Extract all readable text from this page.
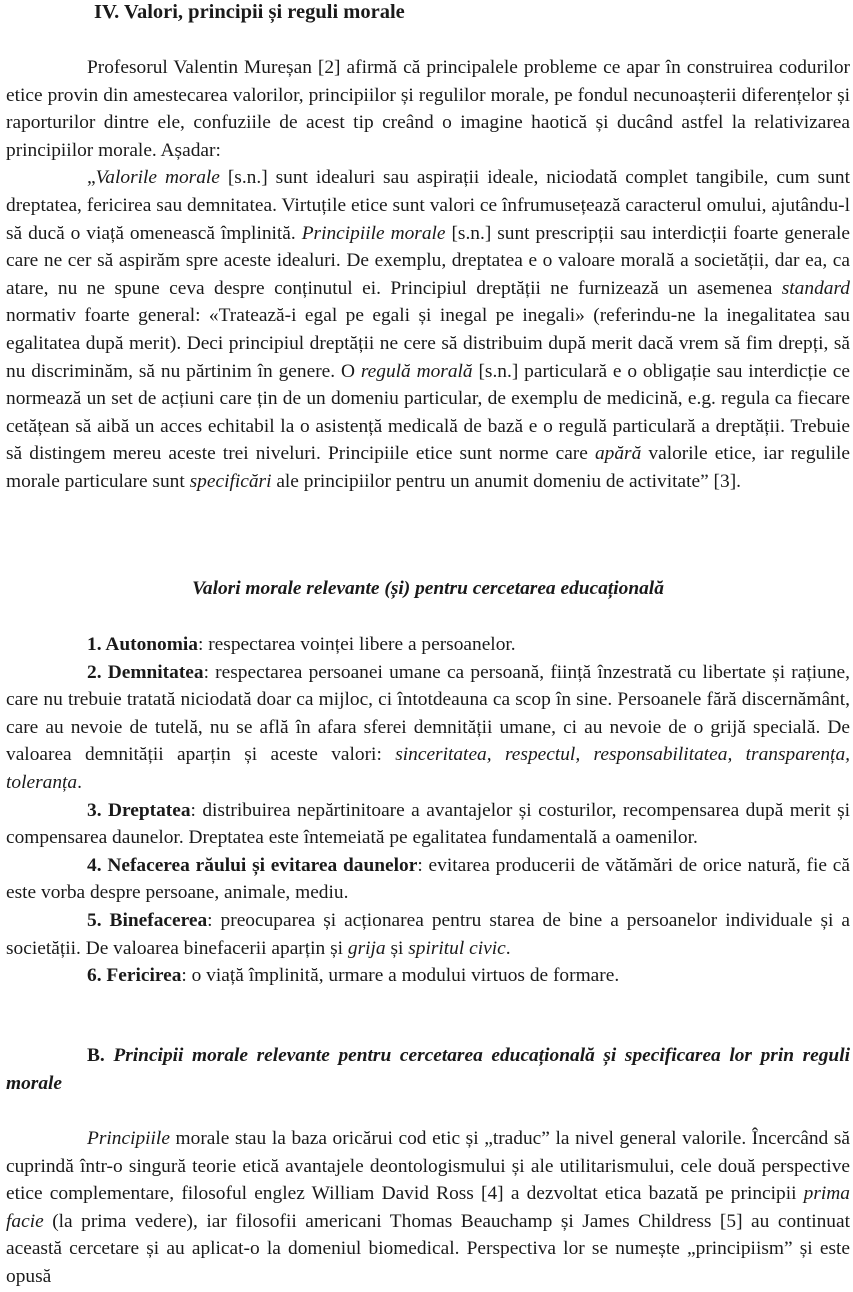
IV. Valori, principii și reguli morale

Profesorul Valentin Mureșan [2] afirmă că principalele probleme ce apar în construirea codurilor etice provin din amestecarea valorilor, principiilor și regulilor morale, pe fondul necunoașterii diferențelor și raporturilor dintre ele, confuziile de acest tip creând o imagine haotică și ducând astfel la relativizarea principiilor morale. Așadar:

„Valorile morale [s.n.] sunt idealuri sau aspirații ideale, niciodată complet tangibile, cum sunt dreptatea, fericirea sau demnitatea. Virtuțile etice sunt valori ce înfrumusețează caracterul omului, ajutându-l să ducă o viață omenească împlinită. Principiile morale [s.n.] sunt prescripții sau interdicții foarte generale care ne cer să aspirăm spre aceste idealuri. De exemplu, dreptatea e o valoare morală a societății, dar ea, ca atare, nu ne spune ceva despre conținutul ei. Principiul dreptății ne furnizează un asemenea standard normativ foarte general: «Tratează-i egal pe egali și inegal pe inegali» (referindu-ne la inegalitatea sau egalitatea după merit). Deci principiul dreptății ne cere să distribuim după merit dacă vrem să fim drepți, să nu discriminăm, să nu părtinim în genere. O regulă morală [s.n.] particulară e o obligație sau interdicție ce normează un set de acțiuni care țin de un domeniu particular, de exemplu de medicină, e.g. regula ca fiecare cetățean să aibă un acces echitabil la o asistență medicală de bază e o regulă particulară a dreptății. Trebuie să distingem mereu aceste trei niveluri. Principiile etice sunt norme care apără valorile etice, iar regulile morale particulare sunt specificări ale principiilor pentru un anumit domeniu de activitate” [3].

Valori morale relevante (și) pentru cercetarea educațională

1. Autonomia: respectarea voinței libere a persoanelor.

2. Demnitatea: respectarea persoanei umane ca persoană, ființă înzestrată cu libertate și rațiune, care nu trebuie tratată niciodată doar ca mijloc, ci întotdeauna ca scop în sine. Persoanele fără discernământ, care au nevoie de tutelă, nu se află în afara sferei demnității umane, ci au nevoie de o grijă specială. De valoarea demnității aparțin și aceste valori: sinceritatea, respectul, responsabilitatea, transparența, toleranța.

3. Dreptatea: distribuirea nepărtinitoare a avantajelor și costurilor, recompensarea după merit și compensarea daunelor. Dreptatea este întemeiată pe egalitatea fundamentală a oamenilor.

4. Nefacerea răului și evitarea daunelor: evitarea producerii de vătămări de orice natură, fie că este vorba despre persoane, animale, mediu.

5. Binefacerea: preocuparea și acționarea pentru starea de bine a persoanelor individuale și a societății. De valoarea binefacerii aparțin și grija și spiritul civic.

6. Fericirea: o viață împlinită, urmare a modului virtuos de formare.

B. Principii morale relevante pentru cercetarea educațională și specificarea lor prin reguli morale

Principiile morale stau la baza oricărui cod etic și „traduc” la nivel general valorile. Încercând să cuprindă într-o singură teorie etică avantajele deontologismului și ale utilitarismului, cele două perspective etice complementare, filosoful englez William David Ross [4] a dezvoltat etica bazată pe principii prima facie (la prima vedere), iar filosofii americani Thomas Beauchamp și James Childress [5] au continuat această cercetare și au aplicat-o la domeniul biomedical. Perspectiva lor se numește „principiism” și este opusă
